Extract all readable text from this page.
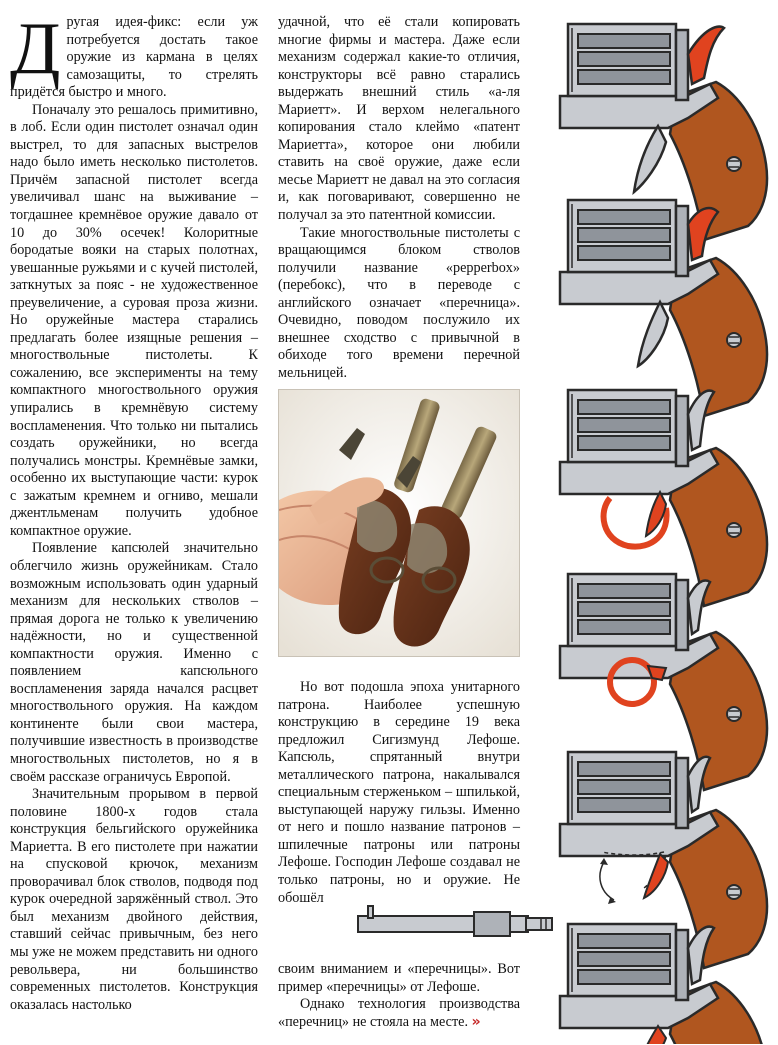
Другая идея-фикс: если уж потребуется достать такое оружие из кармана в целях самозащиты, то стрелять придётся быстро и много.

Поначалу это решалось примитивно, в лоб. Если один пистолет означал один выстрел, то для запасных выстрелов надо было иметь несколько пистолетов. Причём запасной пистолет всегда увеличивал шанс на выживание – тогдашнее кремнёвое оружие давало от 10 до 30% осечек! Колоритные бородатые вояки на старых полотнах, увешанные ружьями и с кучей пистолей, заткнутых за пояс - не художественное преувеличение, а суровая проза жизни. Но оружейные мастера старались предлагать более изящные решения – многоствольные пистолеты. К сожалению, все эксперименты на тему компактного многоствольного оружия упирались в кремнёвую систему воспламенения. Что только ни пытались создать оружейники, но всегда получались монстры. Кремнёвые замки, особенно их выступающие части: курок с зажатым кремнем и огниво, мешали джентльменам получить удобное компактное оружие.

Появление капсюлей значительно облегчило жизнь оружейникам. Стало возможным использовать один ударный механизм для нескольких стволов – прямая дорога не только к увеличению надёжности, но и существенной компактности оружия. Именно с появлением капсюльного воспламенения заряда начался расцвет многоствольного оружия. На каждом континенте были свои мастера, получившие известность в производстве многоствольных пистолетов, но я в своём рассказе ограничусь Европой.

Значительным прорывом в первой половине 1800-х годов стала конструкция бельгийского оружейника Мариетта. В его пистолете при нажатии на спусковой крючок, механизм проворачивал блок стволов, подводя под курок очередной заряжённый ствол. Это был механизм двойного действия, ставший сейчас привычным, без него мы уже не можем представить ни одного револьвера, ни большинство современных пистолетов. Конструкция оказалась настолько

удачной, что её стали копировать многие фирмы и мастера. Даже если механизм содержал какие-то отличия, конструкторы всё равно старались выдержать внешний стиль «а-ля Мариетт». И верхом нелегального копирования стало клеймо «патент Мариетта», которое они любили ставить на своё оружие, даже если месье Мариетт не давал на это согласия и, как поговаривают, совершенно не получал за это патентной комиссии.

Такие многоствольные пистолеты с вращающимся блоком стволов получили название «pepperbox» (перебокс), что в переводе с английского означает «перечница». Очевидно, поводом послужило их внешнее сходство с привычной в обиходе того времени перечной мельницей.

Но вот подошла эпоха унитарного патрона. Наиболее успешную конструкцию в середине 19 века предложил Сигизмунд Лефоше. Капсюль, спрятанный внутри металлического патрона, накалывался специальным стерженьком – шпилькой, выступающей наружу гильзы. Именно от него и пошло название патронов – шпилечные патроны или патроны Лефоше. Господин Лефоше создавал не только патроны, но и оружие. Не обошёл

своим вниманием и «перечницы». Вот пример «перечницы» от Лефоше.

Однако технология производства «перечниц» не стояла на месте. »
